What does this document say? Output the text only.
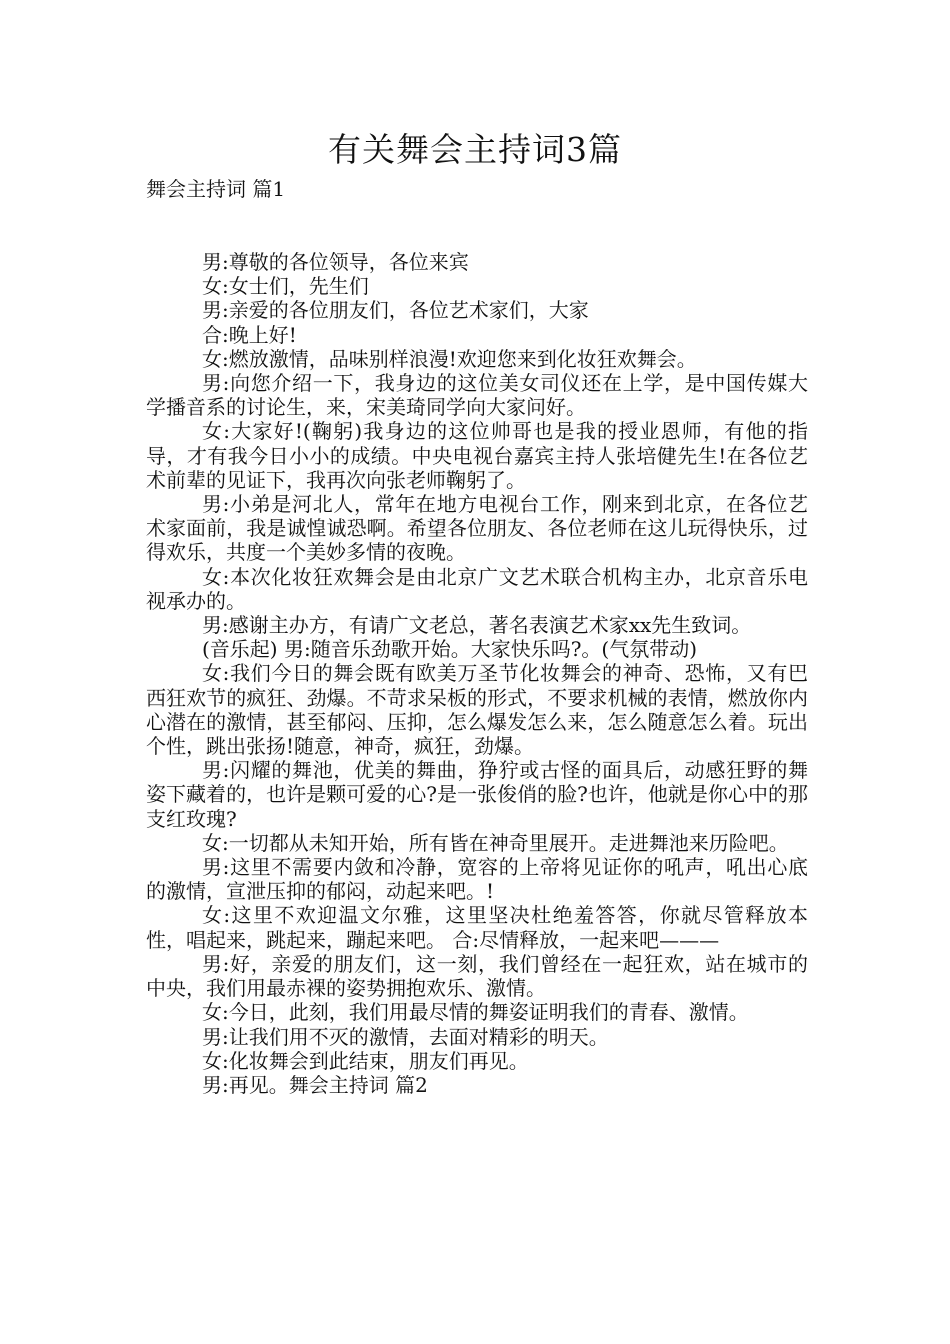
有关舞会主持词3篇
舞会主持词 篇1

男:尊敬的各位领导，各位来宾

女:女士们，先生们

男:亲爱的各位朋友们，各位艺术家们，大家

合:晚上好!

女:燃放激情，品味别样浪漫!欢迎您来到化妆狂欢舞会。

男:向您介绍一下，我身边的这位美女司仪还在上学，是中国传媒大学播音系的讨论生，来，宋美琦同学向大家问好。

女:大家好!(鞠躬)我身边的这位帅哥也是我的授业恩师，有他的指导，才有我今日小小的成绩。中央电视台嘉宾主持人张培健先生!在各位艺术前辈的见证下，我再次向张老师鞠躬了。

男:小弟是河北人，常年在地方电视台工作，刚来到北京，在各位艺术家面前，我是诚惶诚恐啊。希望各位朋友、各位老师在这儿玩得快乐，过得欢乐，共度一个美妙多情的夜晚。

女:本次化妆狂欢舞会是由北京广文艺术联合机构主办，北京音乐电视承办的。

男:感谢主办方，有请广文老总，著名表演艺术家xx先生致词。

(音乐起) 男:随音乐劲歌开始。大家快乐吗?。(气氛带动)

女:我们今日的舞会既有欧美万圣节化妆舞会的神奇、恐怖，又有巴西狂欢节的疯狂、劲爆。不苛求呆板的形式，不要求机械的表情，燃放你内心潜在的激情，甚至郁闷、压抑，怎么爆发怎么来，怎么随意怎么着。玩出个性，跳出张扬!随意，神奇，疯狂，劲爆。

男:闪耀的舞池，优美的舞曲，狰狞或古怪的面具后，动感狂野的舞姿下藏着的，也许是颗可爱的心?是一张俊俏的脸?也许，他就是你心中的那支红玫瑰?

女:一切都从未知开始，所有皆在神奇里展开。走进舞池来历险吧。

男:这里不需要内敛和冷静，宽容的上帝将见证你的吼声，吼出心底的激情，宣泄压抑的郁闷，动起来吧。!

女:这里不欢迎温文尔雅，这里坚决杜绝羞答答，你就尽管释放本性，唱起来，跳起来，蹦起来吧。 合:尽情释放，一起来吧———

男:好，亲爱的朋友们，这一刻，我们曾经在一起狂欢，站在城市的中央，我们用最赤裸的姿势拥抱欢乐、激情。

女:今日，此刻，我们用最尽情的舞姿证明我们的青春、激情。

男:让我们用不灭的激情，去面对精彩的明天。

女:化妆舞会到此结束，朋友们再见。

男:再见。舞会主持词 篇2
